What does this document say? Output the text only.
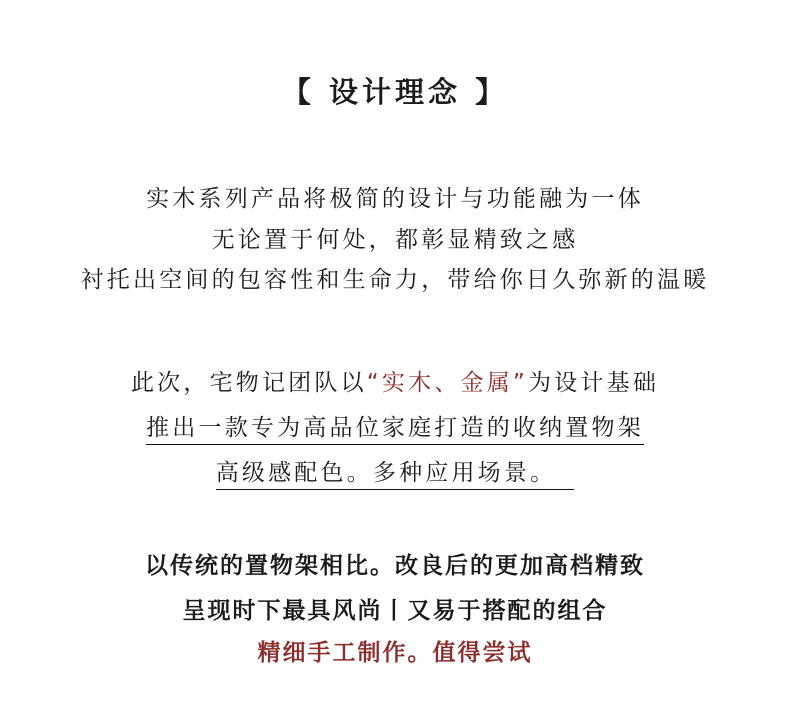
【 设计理念 】
实木系列产品将极简的设计与功能融为一体
无论置于何处，都彰显精致之感
衬托出空间的包容性和生命力，带给你日久弥新的温暖
此次，宅物记团队以“实木、金属”为设计基础
推出一款专为高品位家庭打造的收纳置物架
高级感配色。多种应用场景。
以传统的置物架相比。改良后的更加高档精致
呈现时下最具风尚丨又易于搭配的组合
精细手工制作。值得尝试
